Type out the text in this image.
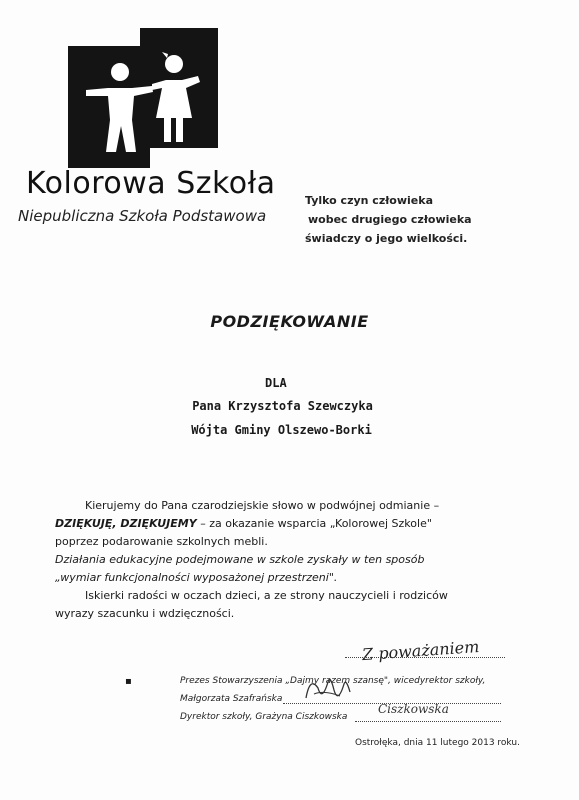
Kolorowa Szkoła
Niepubliczna Szkoła Podstawowa
Tylko czyn człowieka
wobec drugiego człowieka
świadczy o jego wielkości.
PODZIĘKOWANIE
DLA
Pana Krzysztofa Szewczyka
Wójta Gminy Olszewo-Borki
Kierujemy do Pana czarodziejskie słowo w podwójnej odmianie –
DZIĘKUJĘ, DZIĘKUJEMY – za okazanie wsparcia „Kolorowej Szkole"
poprzez podarowanie szkolnych mebli.
Działania edukacyjne podejmowane w szkole zyskały w ten sposób
„wymiar funkcjonalności wyposażonej przestrzeni".
Iskierki radości w oczach dzieci, a ze strony nauczycieli i rodziców
wyrazy szacunku i wdzięczności.
Z poważaniem
▪	Prezes Stowarzyszenia „Dajmy razem szansę", wicedyrektor szkoły,
Małgorzata Szafrańska
Dyrektor szkoły, Grażyna Ciszkowska
Ciszkowska
Ostrołęka, dnia 11 lutego 2013 roku.
